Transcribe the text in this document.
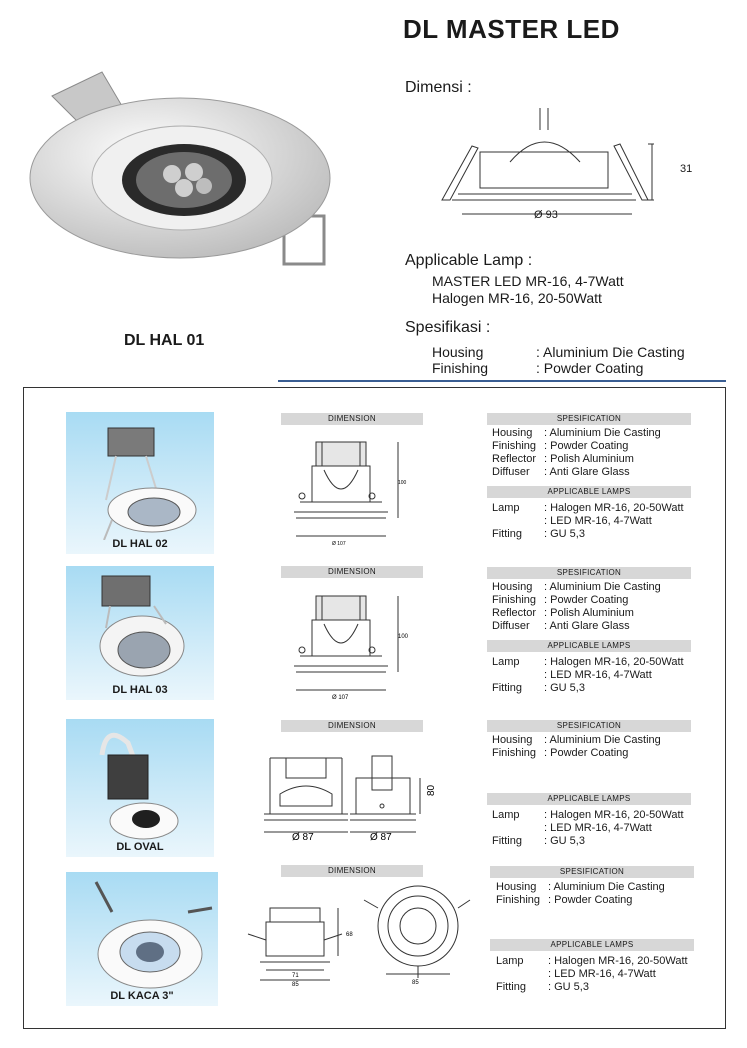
DL MASTER LED
DL HAL 01
Dimensi :
31
Ø 93
Applicable Lamp :
MASTER LED MR-16, 4-7Watt
Halogen MR-16, 20-50Watt
Spesifikasi :
Housing	: Aluminium Die Casting
Finishing	: Powder Coating
DL HAL 02
DIMENSION
100
Ø 107
SPESIFICATION
Housing	: Aluminium Die Casting
Finishing	: Powder Coating
Reflector	: Polish Aluminium
Diffuser	: Anti Glare Glass
APPLICABLE LAMPS
Lamp	: Halogen MR-16, 20-50Watt
	: LED MR-16, 4-7Watt
Fitting	: GU 5,3
DL HAL 03
DIMENSION
100
Ø 107
SPESIFICATION
Housing	: Aluminium Die Casting
Finishing	: Powder Coating
Reflector	: Polish Aluminium
Diffuser	: Anti Glare Glass
APPLICABLE LAMPS
Lamp	: Halogen MR-16, 20-50Watt
	: LED MR-16, 4-7Watt
Fitting	: GU 5,3
DL OVAL
DIMENSION
Ø 87	Ø 87
80
SPESIFICATION
Housing	: Aluminium Die Casting
Finishing	: Powder Coating
APPLICABLE LAMPS
Lamp	: Halogen MR-16, 20-50Watt
	: LED MR-16, 4-7Watt
Fitting	: GU 5,3
DL KACA 3"
DIMENSION
71
85
68
85
SPESIFICATION
Housing	: Aluminium Die Casting
Finishing	: Powder Coating
APPLICABLE LAMPS
Lamp	: Halogen MR-16, 20-50Watt
	: LED MR-16, 4-7Watt
Fitting	: GU 5,3
